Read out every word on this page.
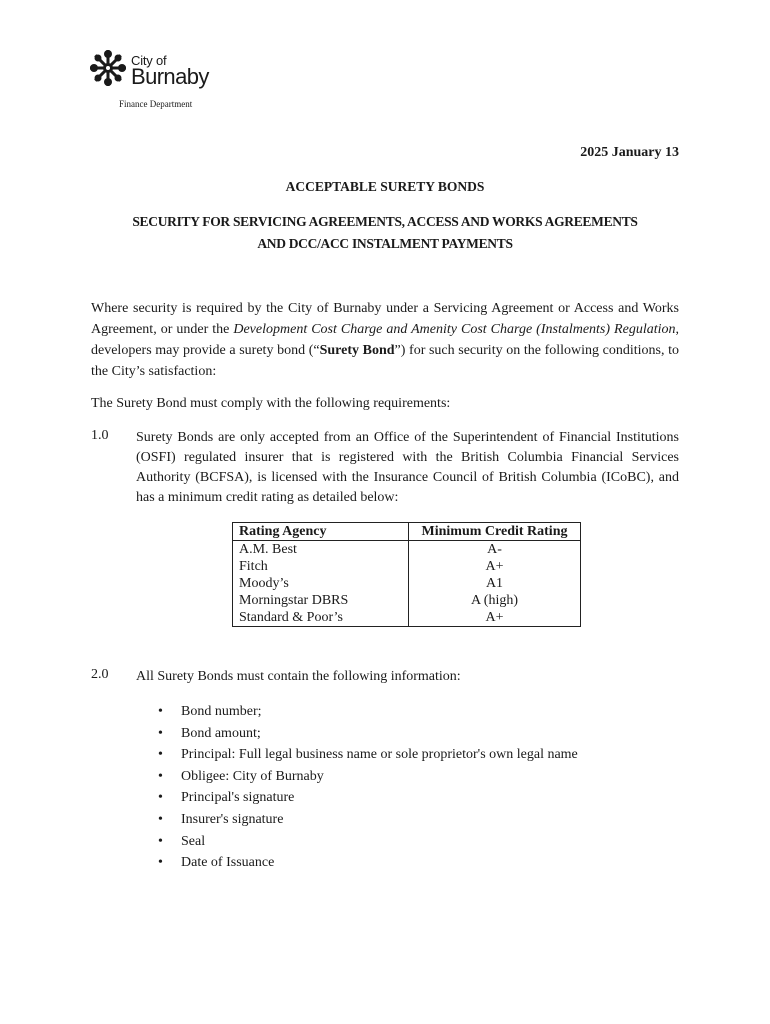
City of
Burnaby
Finance Department
2025 January 13
ACCEPTABLE SURETY BONDS
SECURITY FOR SERVICING AGREEMENTS, ACCESS AND WORKS AGREEMENTS
AND DCC/ACC INSTALMENT PAYMENTS
Where security is required by the City of Burnaby under a Servicing Agreement or Access and Works Agreement, or under the Development Cost Charge and Amenity Cost Charge (Instalments) Regulation, developers may provide a surety bond (“Surety Bond”) for such security on the following conditions, to the City’s satisfaction:
The Surety Bond must comply with the following requirements:
1.0 Surety Bonds are only accepted from an Office of the Superintendent of Financial Institutions (OSFI) regulated insurer that is registered with the British Columbia Financial Services Authority (BCFSA), is licensed with the Insurance Council of British Columbia (ICoBC), and has a minimum credit rating as detailed below:
Rating Agency	Minimum Credit Rating
A.M. Best	A-
Fitch	A+
Moody’s	A1
Morningstar DBRS	A (high)
Standard & Poor’s	A+
2.0 All Surety Bonds must contain the following information:
• Bond number;
• Bond amount;
• Principal: Full legal business name or sole proprietor's own legal name
• Obligee: City of Burnaby
• Principal's signature
• Insurer's signature
• Seal
• Date of Issuance
